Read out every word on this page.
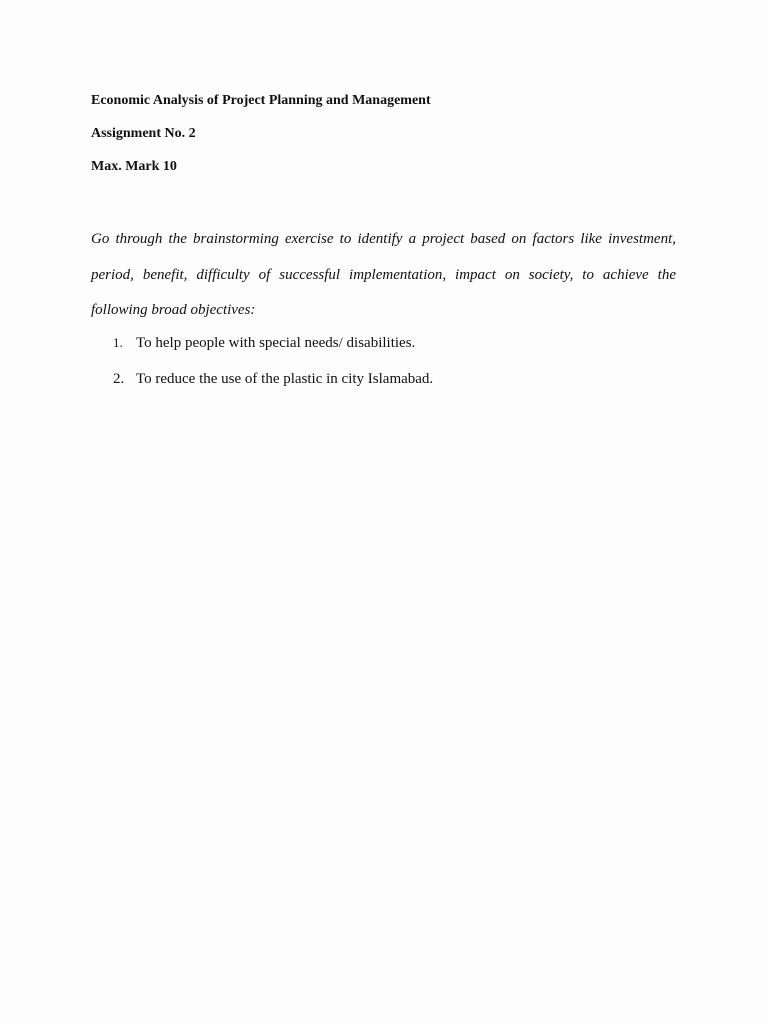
Economic Analysis of Project Planning and Management
Assignment No. 2
Max. Mark 10

Go through the brainstorming exercise to identify a project based on factors like investment, period, benefit, difficulty of successful implementation, impact on society, to achieve the following broad objectives:

1. To help people with special needs/ disabilities.
2. To reduce the use of the plastic in city Islamabad.
